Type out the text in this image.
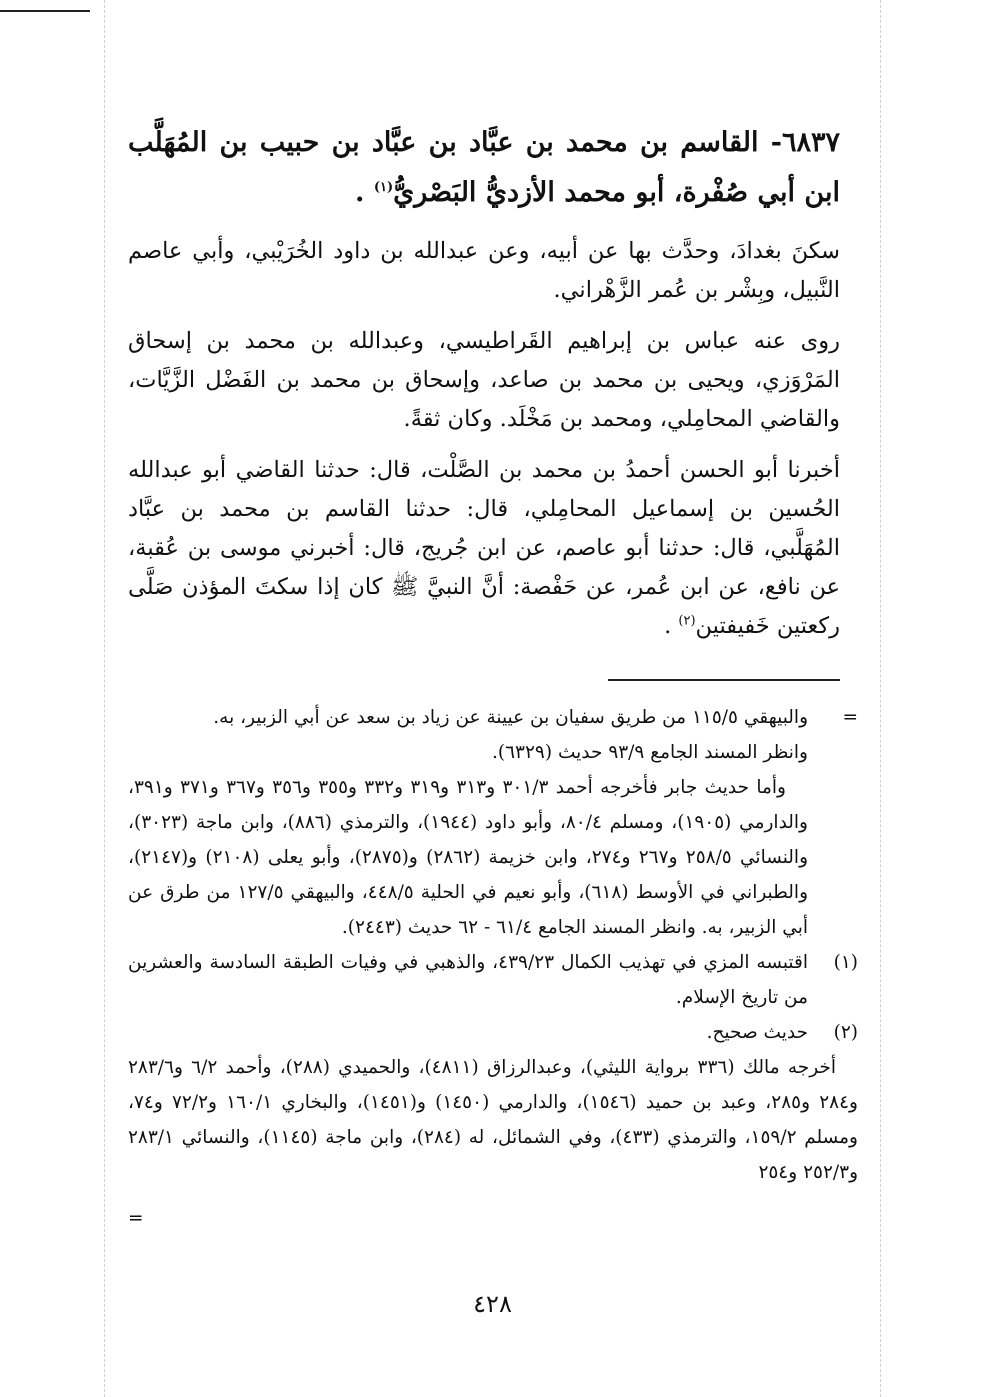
٦٨٣٧- القاسم بن محمد بن عبَّاد بن عبَّاد بن حبيب بن المُهَلَّب ابن أبي صُفْرة، أبو محمد الأزديُّ البَصْريُّ$^{(١)}$ .

سكنَ بغدادَ، وحدَّث بها عن أبيه، وعن عبدالله بن داود الخُرَيْبي، وأبي عاصم النَّبيل، وبِشْر بن عُمر الزَّهْراني.

روى عنه عباس بن إبراهيم القَراطيسي، وعبدالله بن محمد بن إسحاق المَرْوَزي، ويحيى بن محمد بن صاعد، وإسحاق بن محمد بن الفَضْل الزَّيَّات، والقاضي المحامِلي، ومحمد بن مَخْلَد. وكان ثقةً.

أخبرنا أبو الحسن أحمدُ بن محمد بن الصَّلْت، قال: حدثنا القاضي أبو عبدالله الحُسين بن إسماعيل المحامِلي، قال: حدثنا القاسم بن محمد بن عبَّاد المُهَلَّبي، قال: حدثنا أبو عاصم، عن ابن جُريج، قال: أخبرني موسى بن عُقبة، عن نافع، عن ابن عُمر، عن حَفْصة: أنَّ النبيَّ ﷺ كان إذا سكتَ المؤذن صَلَّى ركعتين خَفيفتين$^{(٢)}$ .

=
والبيهقي ١١٥/٥ من طريق سفيان بن عيينة عن زياد بن سعد عن أبي الزبير، به.
وانظر المسند الجامع ٩٣/٩ حديث (٦٣٢٩).
وأما حديث جابر فأخرجه أحمد ٣٠١/٣ و٣١٣ و٣١٩ و٣٣٢ و٣٥٥ و٣٥٦ و٣٦٧ و٣٧١ و٣٩١، والدارمي (١٩٠٥)، ومسلم ٨٠/٤، وأبو داود (١٩٤٤)، والترمذي (٨٨٦)، وابن ماجة (٣٠٢٣)، والنسائي ٢٥٨/٥ و٢٦٧ و٢٧٤، وابن خزيمة (٢٨٦٢) و(٢٨٧٥)، وأبو يعلى (٢١٠٨) و(٢١٤٧)، والطبراني في الأوسط (٦١٨)، وأبو نعيم في الحلية ٤٤٨/٥، والبيهقي ١٢٧/٥ من طرق عن أبي الزبير، به. وانظر المسند الجامع ٦١/٤ - ٦٢ حديث (٢٤٤٣).
(١)
اقتبسه المزي في تهذيب الكمال ٤٣٩/٢٣، والذهبي في وفيات الطبقة السادسة والعشرين من تاريخ الإسلام.
(٢)
حديث صحيح.
أخرجه مالك (٣٣٦ برواية الليثي)، وعبدالرزاق (٤٨١١)، والحميدي (٢٨٨)، وأحمد ٦/٢ و٢٨٣/٦ و٢٨٤ و٢٨٥، وعبد بن حميد (١٥٤٦)، والدارمي (١٤٥٠) و(١٤٥١)، والبخاري ١٦٠/١ و٧٢/٢ و٧٤، ومسلم ١٥٩/٢، والترمذي (٤٣٣)، وفي الشمائل، له (٢٨٤)، وابن ماجة (١١٤٥)، والنسائي ٢٨٣/١ و٢٥٢/٣ و٢٥٤
=
٤٢٨
